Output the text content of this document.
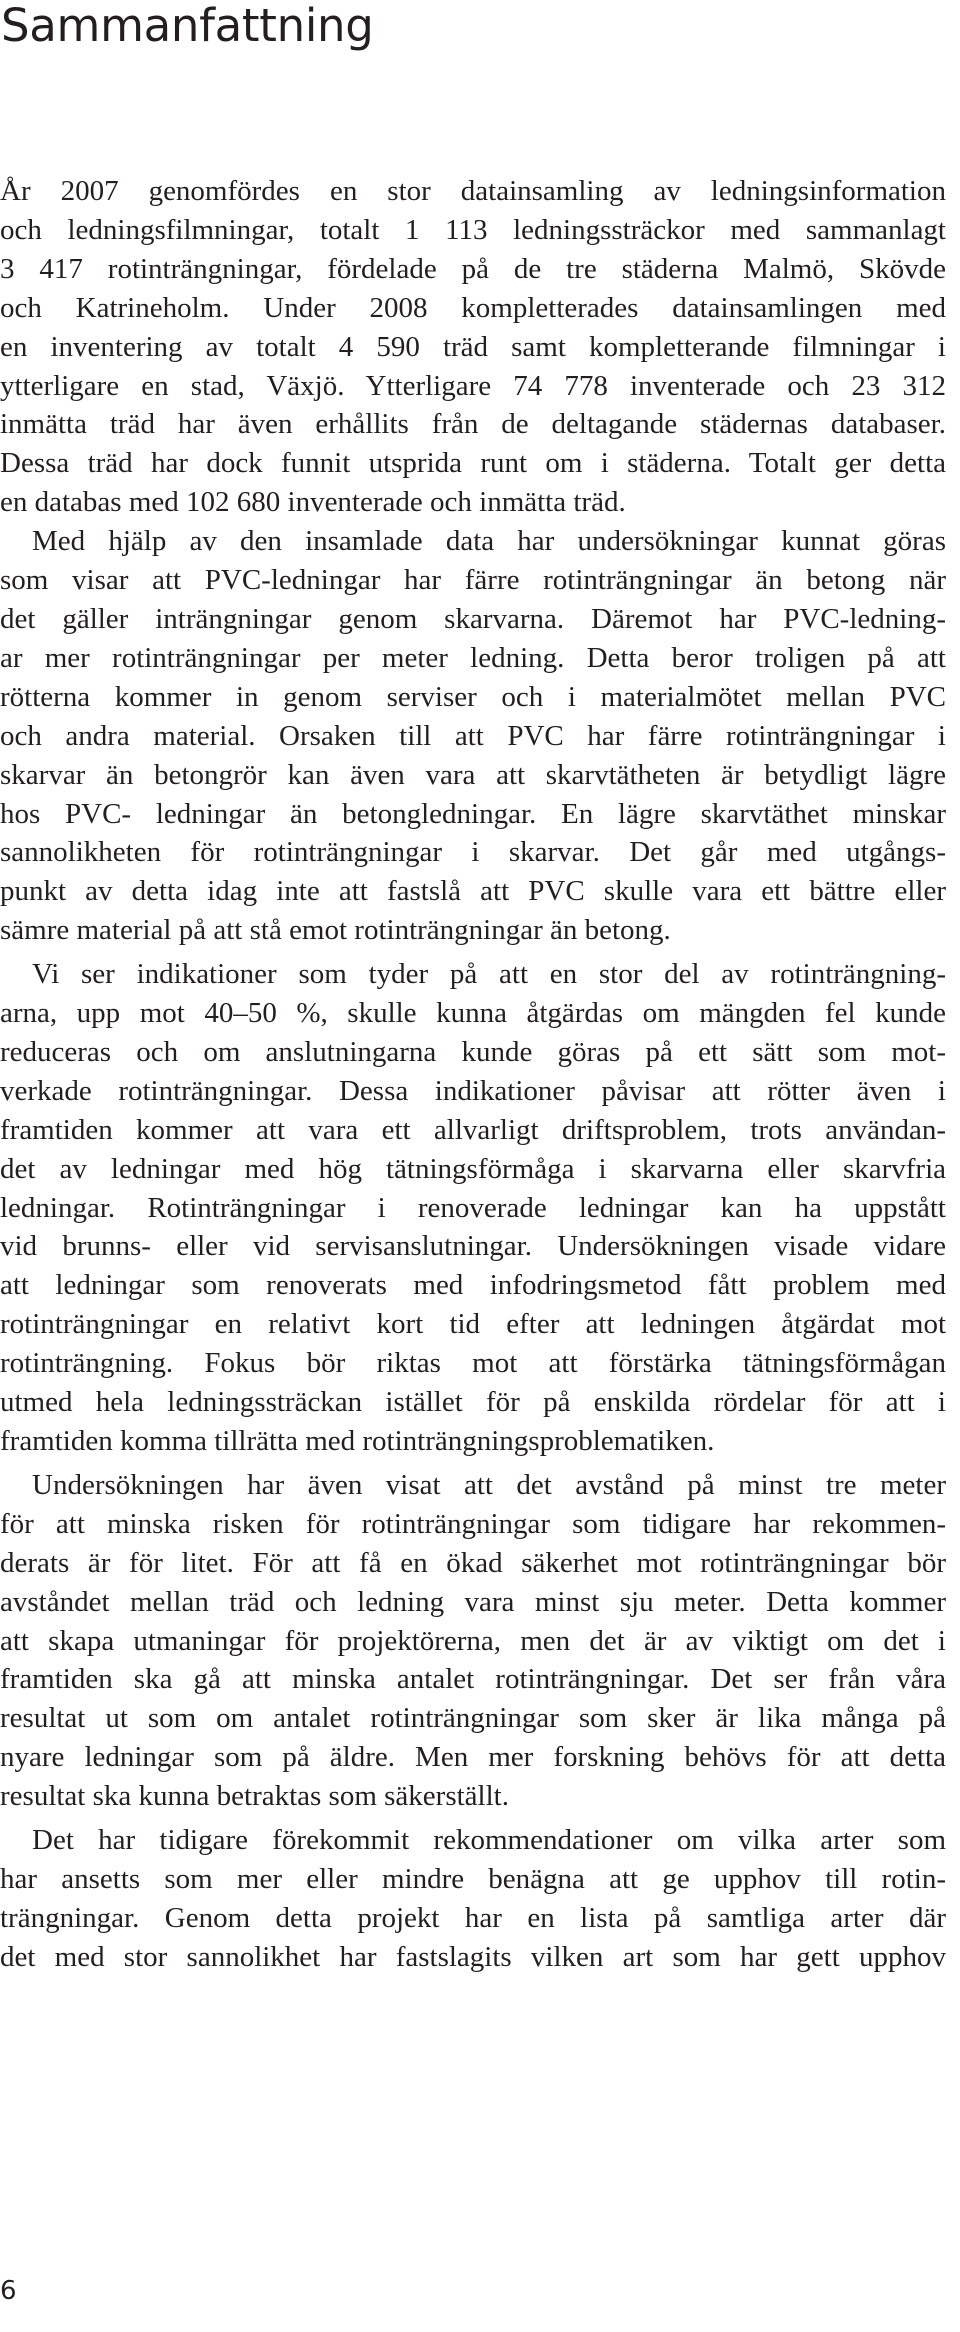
Sammanfattning

År 2007 genomfördes en stor datainsamling av ledningsinformation
och ledningsfilmningar, totalt 1 113 ledningssträckor med sammanlagt
3 417 rotinträngningar, fördelade på de tre städerna Malmö, Skövde
och Katrineholm. Under 2008 kompletterades datainsamlingen med
en inventering av totalt 4 590 träd samt kompletterande filmningar i
ytterligare en stad, Växjö. Ytterligare 74 778 inventerade och 23 312
inmätta träd har även erhållits från de deltagande städernas databaser.
Dessa träd har dock funnit utsprida runt om i städerna. Totalt ger detta
en databas med 102 680 inventerade och inmätta träd.

Med hjälp av den insamlade data har undersökningar kunnat göras
som visar att PVC-ledningar har färre rotinträngningar än betong när
det gäller inträngningar genom skarvarna. Däremot har PVC-ledning-
ar mer rotinträngningar per meter ledning. Detta beror troligen på att
rötterna kommer in genom serviser och i materialmötet mellan PVC
och andra material. Orsaken till att PVC har färre rotinträngningar i
skarvar än betongrör kan även vara att skarvtätheten är betydligt lägre
hos PVC- ledningar än betongledningar. En lägre skarvtäthet minskar
sannolikheten för rotinträngningar i skarvar. Det går med utgångs-
punkt av detta idag inte att fastslå att PVC skulle vara ett bättre eller
sämre material på att stå emot rotinträngningar än betong.

Vi ser indikationer som tyder på att en stor del av rotinträngning-
arna, upp mot 40–50 %, skulle kunna åtgärdas om mängden fel kunde
reduceras och om anslutningarna kunde göras på ett sätt som mot-
verkade rotinträngningar. Dessa indikationer påvisar att rötter även i
framtiden kommer att vara ett allvarligt driftsproblem, trots användan-
det av ledningar med hög tätningsförmåga i skarvarna eller skarvfria
ledningar. Rotinträngningar i renoverade ledningar kan ha uppstått
vid brunns- eller vid servisanslutningar. Undersökningen visade vidare
att ledningar som renoverats med infodringsmetod fått problem med
rotinträngningar en relativt kort tid efter att ledningen åtgärdat mot
rotinträngning. Fokus bör riktas mot att förstärka tätningsförmågan
utmed hela ledningssträckan istället för på enskilda rördelar för att i
framtiden komma tillrätta med rotinträngningsproblematiken.

Undersökningen har även visat att det avstånd på minst tre meter
för att minska risken för rotinträngningar som tidigare har rekommen-
derats är för litet. För att få en ökad säkerhet mot rotinträngningar bör
avståndet mellan träd och ledning vara minst sju meter. Detta kommer
att skapa utmaningar för projektörerna, men det är av viktigt om det i
framtiden ska gå att minska antalet rotinträngningar. Det ser från våra
resultat ut som om antalet rotinträngningar som sker är lika många på
nyare ledningar som på äldre. Men mer forskning behövs för att detta
resultat ska kunna betraktas som säkerställt.

Det har tidigare förekommit rekommendationer om vilka arter som
har ansetts som mer eller mindre benägna att ge upphov till rotin-
trängningar. Genom detta projekt har en lista på samtliga arter där
det med stor sannolikhet har fastslagits vilken art som har gett upphov

6
